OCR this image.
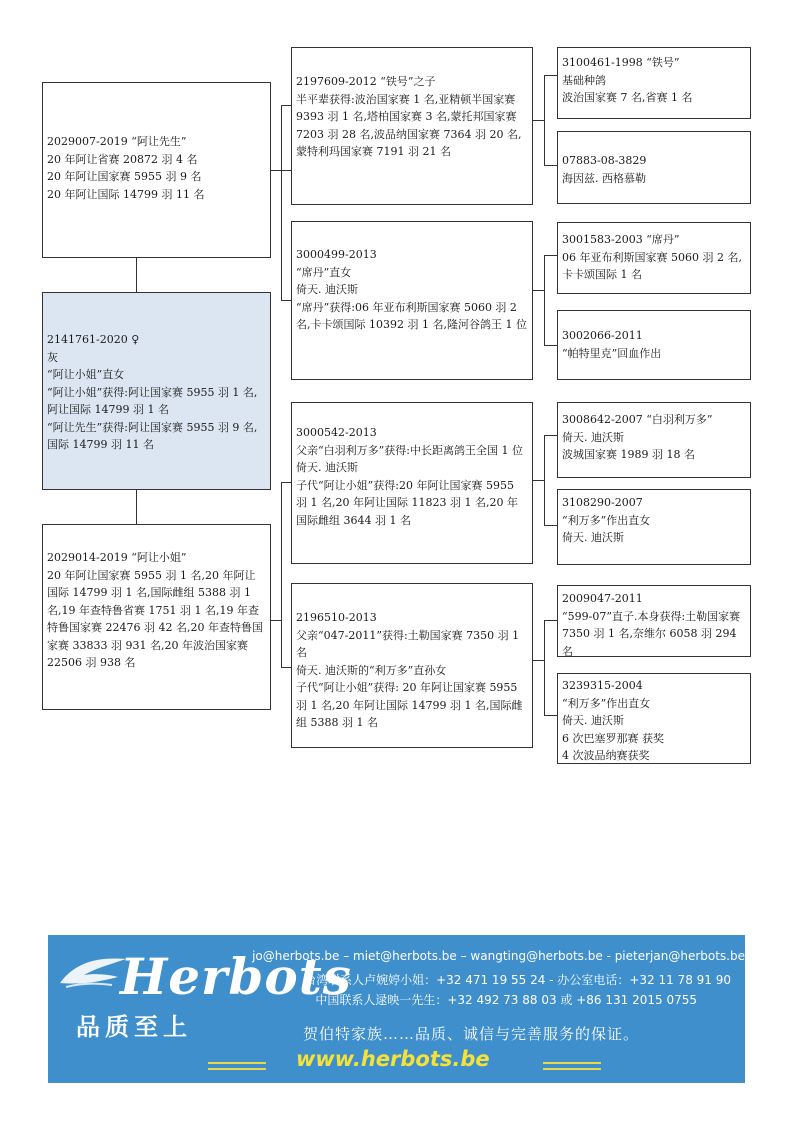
2029007-2019 “阿让先生”
20 年阿让省赛 20872 羽 4 名
20 年阿让国家赛 5955 羽 9 名
20 年阿让国际 14799 羽 11 名
2141761-2020 ♀
灰
“阿让小姐”直女
“阿让小姐”获得:阿让国家赛 5955 羽 1 名,阿让国际 14799 羽 1 名
“阿让先生”获得:阿让国家赛 5955 羽 9 名,国际 14799 羽 11 名
2029014-2019 “阿让小姐”
20 年阿让国家赛 5955 羽 1 名,20 年阿让国际 14799 羽 1 名,国际雌组 5388 羽 1 名,19 年查特鲁省赛 1751 羽 1 名,19 年查特鲁国家赛 22476 羽 42 名,20 年查特鲁国家赛 33833 羽 931 名,20 年波治国家赛 22506 羽 938 名
2197609-2012 “铁号”之子
半平辈获得:波治国家赛 1 名,亚精顿半国家赛 9393 羽 1 名,塔柏国家赛 3 名,蒙托邦国家赛 7203 羽 28 名,波品纳国家赛 7364 羽 20 名,蒙特利玛国家赛 7191 羽 21 名
3000499-2013
“席丹”直女
倚天. 迪沃斯
“席丹”获得:06 年亚布利斯国家赛 5060 羽 2 名,卡卡颂国际 10392 羽 1 名,隆河谷鸽王 1 位
3000542-2013
父亲“白羽利万多”获得:中长距离鸽王全国 1 位
倚天. 迪沃斯
子代“阿让小姐”获得:20 年阿让国家赛 5955 羽 1 名,20 年阿让国际 11823 羽 1 名,20 年国际雌组 3644 羽 1 名
2196510-2013
父亲“047-2011”获得:土勒国家赛 7350 羽 1 名
倚天. 迪沃斯的“利万多”直孙女
子代“阿让小姐”获得: 20 年阿让国家赛 5955 羽 1 名,20 年阿让国际 14799 羽 1 名,国际雌组 5388 羽 1 名
3100461-1998 “铁号”
基础种鸽
波治国家赛 7 名,省赛 1 名
07883-08-3829
海因兹. 西格慕勒
3001583-2003 “席丹”
06 年亚布利斯国家赛 5060 羽 2 名,卡卡颂国际 1 名
3002066-2011
“帕特里克”回血作出
3008642-2007 “白羽利万多”
倚天. 迪沃斯
波城国家赛 1989 羽 18 名
3108290-2007
“利万多”作出直女
倚天. 迪沃斯
2009047-2011
“599-07”直子.本身获得:土勒国家赛 7350 羽 1 名,奈维尔 6058 羽 294 名
3239315-2004
“利万多”作出直女
倚天. 迪沃斯
6 次巴塞罗那赛 获奖
4 次波品纳赛获奖
Herbots
品质至上
jo@herbots.be – miet@herbots.be – wangting@herbots.be - pieterjan@herbots.be
台湾联系人卢婉婷小姐：+32 471 19 55 24 - 办公室电话：+32 11 78 91 90
中国联系人逯映一先生：+32 492 73 88 03 或 +86 131 2015 0755
贺伯特家族……品质、诚信与完善服务的保证。
www.herbots.be
